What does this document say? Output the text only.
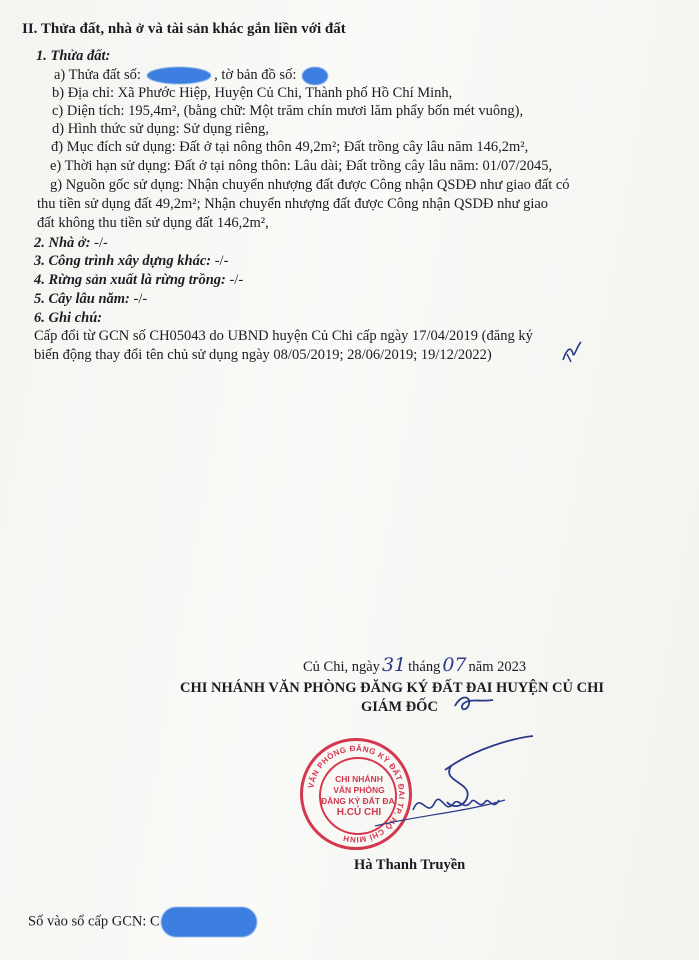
II. Thửa đất, nhà ở và tài sản khác gắn liền với đất
1. Thửa đất:
a) Thửa đất số:	, tờ bản đồ số:
b) Địa chỉ: Xã Phước Hiệp, Huyện Củ Chi, Thành phố Hồ Chí Minh,
c) Diện tích: 195,4m², (bằng chữ: Một trăm chín mươi lăm phẩy bốn mét vuông),
d) Hình thức sử dụng: Sử dụng riêng,
đ) Mục đích sử dụng: Đất ở tại nông thôn 49,2m²; Đất trồng cây lâu năm 146,2m²,
e) Thời hạn sử dụng: Đất ở tại nông thôn: Lâu dài; Đất trồng cây lâu năm: 01/07/2045,
g) Nguồn gốc sử dụng: Nhận chuyển nhượng đất được Công nhận QSDĐ như giao đất có
thu tiền sử dụng đất 49,2m²; Nhận chuyển nhượng đất được Công nhận QSDĐ như giao
đất không thu tiền sử dụng đất 146,2m²,
2. Nhà ở: -/-
3. Công trình xây dựng khác: -/-
4. Rừng sản xuất là rừng trồng: -/-
5. Cây lâu năm: -/-
6. Ghi chú:
Cấp đổi từ GCN số CH05043 do UBND huyện Củ Chi cấp ngày 17/04/2019 (đăng ký
biến động thay đổi tên chủ sử dụng ngày 08/05/2019; 28/06/2019; 19/12/2022)
Củ Chi, ngày 31 tháng 07 năm 2023
CHI NHÁNH VĂN PHÒNG ĐĂNG KÝ ĐẤT ĐAI HUYỆN CỦ CHI
GIÁM ĐỐC
VĂN PHÒNG ĐĂNG KÝ ĐẤT ĐAI TP. HỒ CHÍ MINH
CHI NHÁNH
VĂN PHÒNG
ĐĂNG KÝ ĐẤT ĐAI
H.CỦ CHI
Hà Thanh Truyền
Số vào sổ cấp GCN: C
